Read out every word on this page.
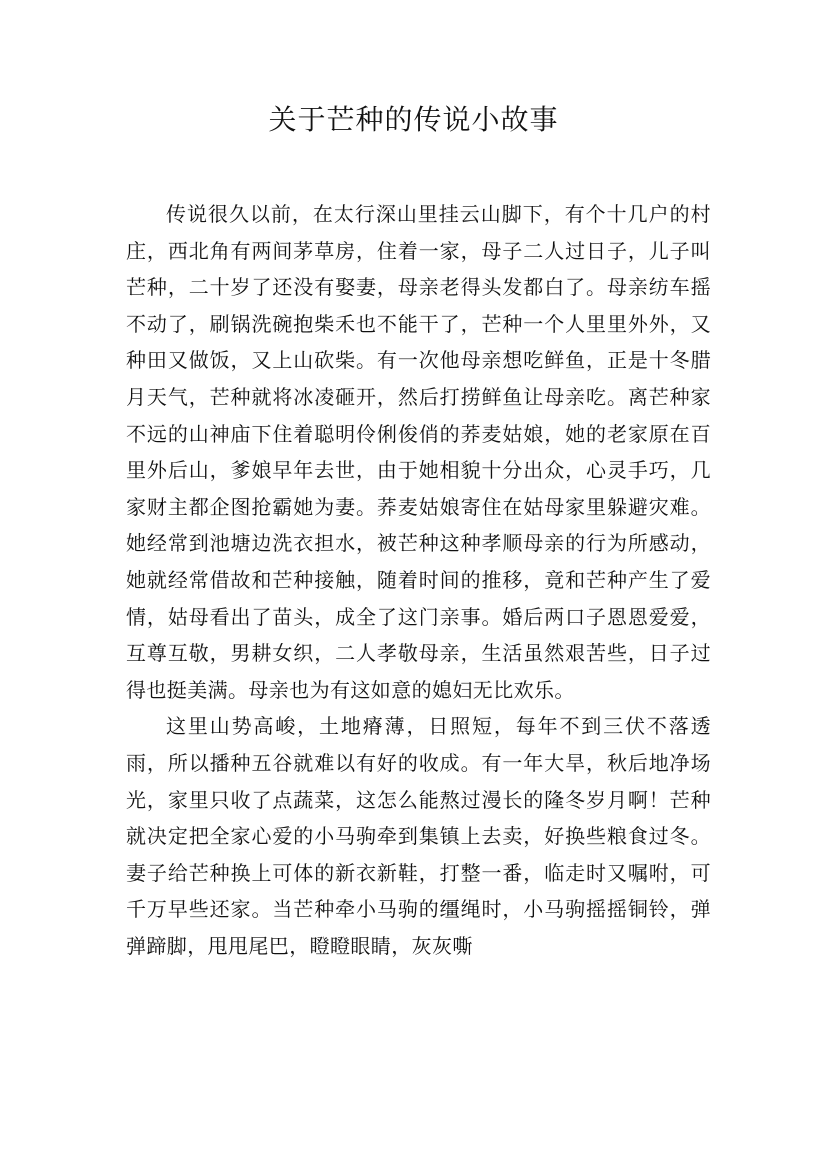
关于芒种的传说小故事

传说很久以前，在太行深山里挂云山脚下，有个十几户的村庄，西北角有两间茅草房，住着一家，母子二人过日子，儿子叫芒种，二十岁了还没有娶妻，母亲老得头发都白了。母亲纺车摇不动了，刷锅洗碗抱柴禾也不能干了，芒种一个人里里外外，又种田又做饭，又上山砍柴。有一次他母亲想吃鲜鱼，正是十冬腊月天气，芒种就将冰凌砸开，然后打捞鲜鱼让母亲吃。离芒种家不远的山神庙下住着聪明伶俐俊俏的荞麦姑娘，她的老家原在百里外后山，爹娘早年去世，由于她相貌十分出众，心灵手巧，几家财主都企图抢霸她为妻。荞麦姑娘寄住在姑母家里躲避灾难。她经常到池塘边洗衣担水，被芒种这种孝顺母亲的行为所感动，她就经常借故和芒种接触，随着时间的推移，竟和芒种产生了爱情，姑母看出了苗头，成全了这门亲事。婚后两口子恩恩爱爱，互尊互敬，男耕女织，二人孝敬母亲，生活虽然艰苦些，日子过得也挺美满。母亲也为有这如意的媳妇无比欢乐。

这里山势高峻，土地瘠薄，日照短，每年不到三伏不落透雨，所以播种五谷就难以有好的收成。有一年大旱，秋后地净场光，家里只收了点蔬菜，这怎么能熬过漫长的隆冬岁月啊！芒种就决定把全家心爱的小马驹牵到集镇上去卖，好换些粮食过冬。妻子给芒种换上可体的新衣新鞋，打整一番，临走时又嘱咐，可千万早些还家。当芒种牵小马驹的缰绳时，小马驹摇摇铜铃，弹弹蹄脚，甩甩尾巴，瞪瞪眼睛，灰灰嘶
